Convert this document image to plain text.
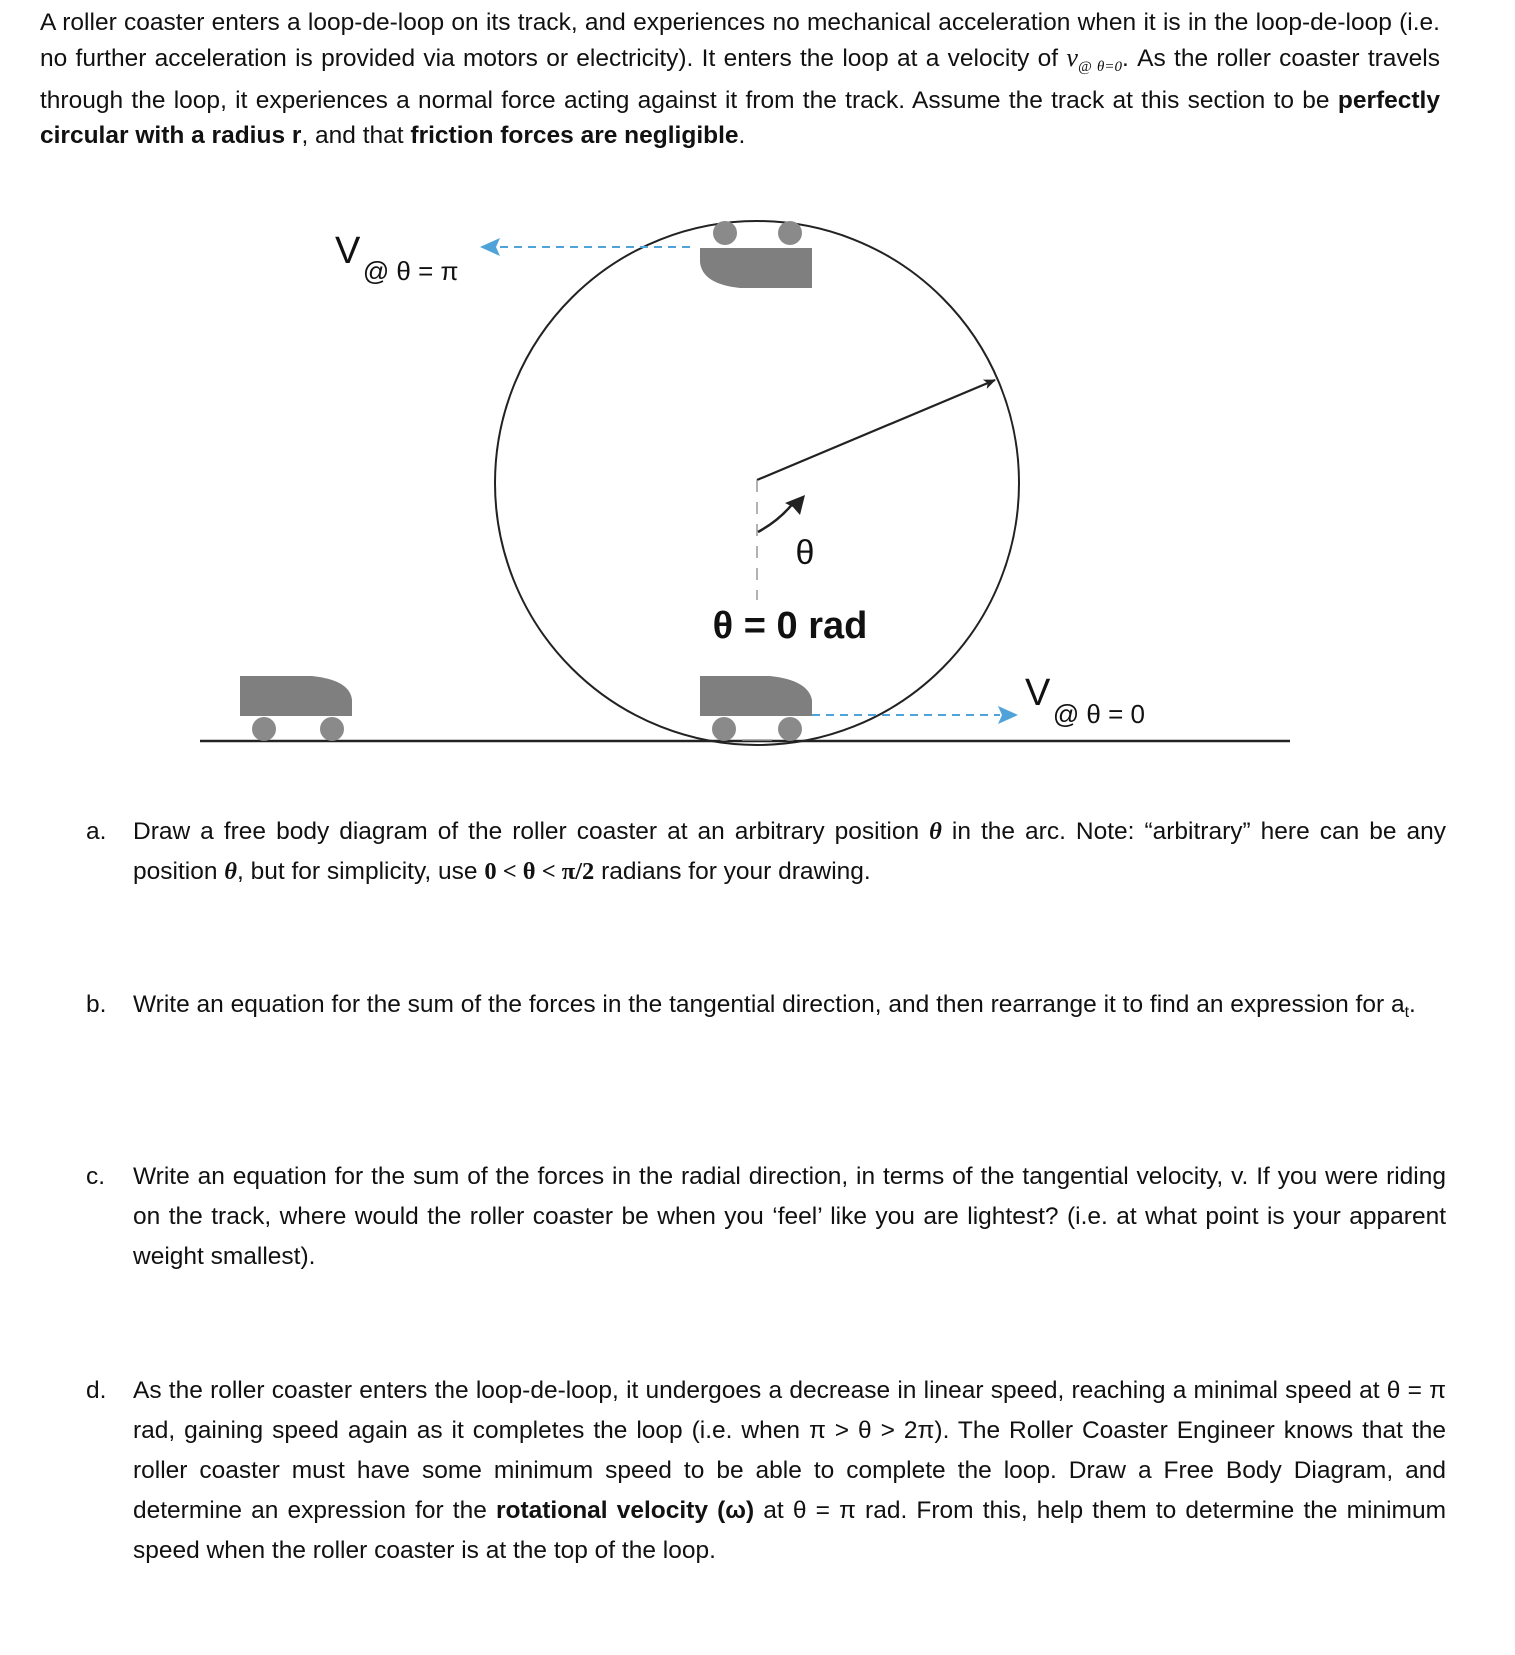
A roller coaster enters a loop-de-loop on its track, and experiences no mechanical acceleration when it is in the loop-de-loop (i.e. no further acceleration is provided via motors or electricity). It enters the loop at a velocity of $v_{@ \theta=0}$. As the roller coaster travels through the loop, it experiences a normal force acting against it from the track. Assume the track at this section to be perfectly circular with a radius r, and that friction forces are negligible.
θ
θ = 0 rad
V @ θ = π
V @ θ = 0
a.	Draw a free body diagram of the roller coaster at an arbitrary position θ in the arc. Note: “arbitrary” here can be any position θ, but for simplicity, use 0 < θ < π/2 radians for your drawing.
b.	Write an equation for the sum of the forces in the tangential direction, and then rearrange it to find an expression for $a_t$.
c.	Write an equation for the sum of the forces in the radial direction, in terms of the tangential velocity, v. If you were riding on the track, where would the roller coaster be when you ‘feel’ like you are lightest? (i.e. at what point is your apparent weight smallest).
d.	As the roller coaster enters the loop-de-loop, it undergoes a decrease in linear speed, reaching a minimal speed at θ = π rad, gaining speed again as it completes the loop (i.e. when π > θ > 2π). The Roller Coaster Engineer knows that the roller coaster must have some minimum speed to be able to complete the loop. Draw a Free Body Diagram, and determine an expression for the rotational velocity (ω) at θ = π rad. From this, help them to determine the minimum speed when the roller coaster is at the top of the loop.
